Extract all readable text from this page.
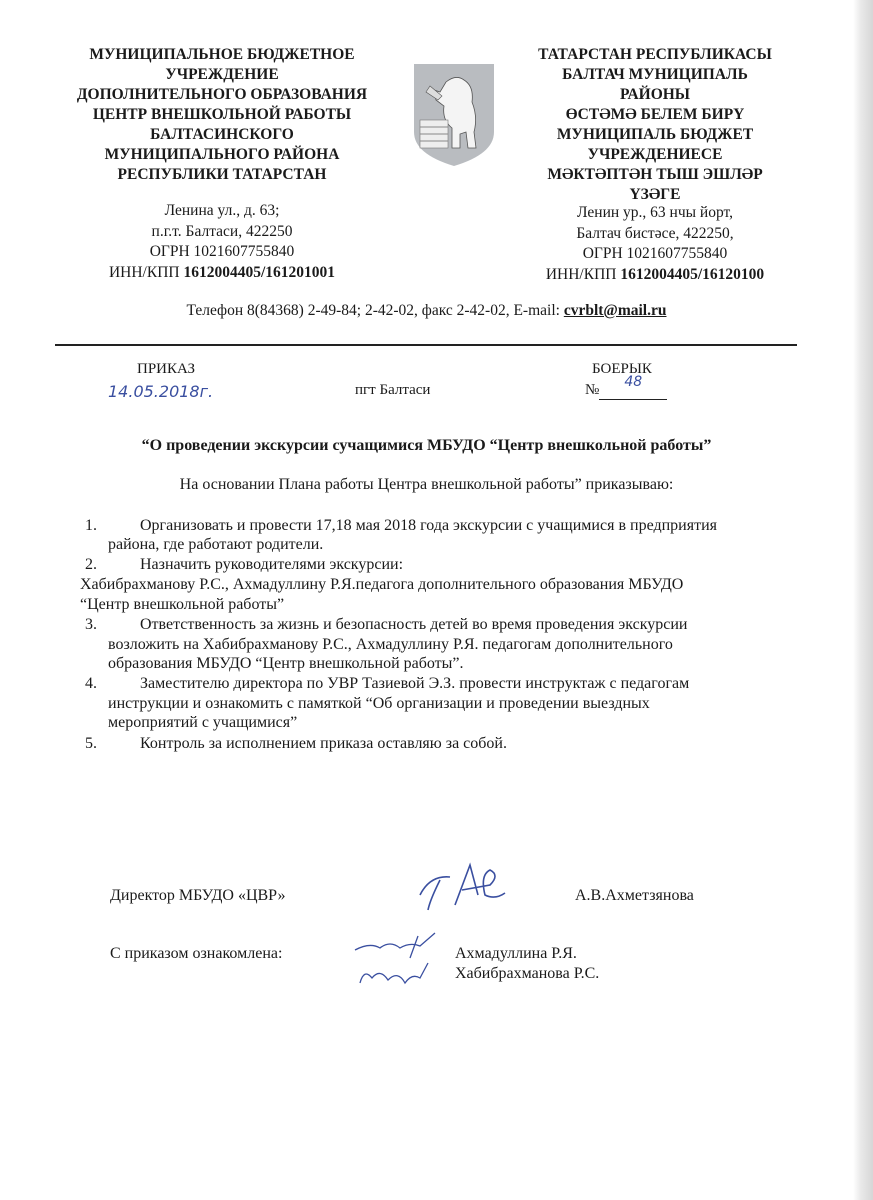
МУНИЦИПАЛЬНОЕ БЮДЖЕТНОЕ
УЧРЕЖДЕНИЕ
ДОПОЛНИТЕЛЬНОГО ОБРАЗОВАНИЯ
ЦЕНТР ВНЕШКОЛЬНОЙ РАБОТЫ
БАЛТАСИНСКОГО
МУНИЦИПАЛЬНОГО РАЙОНА
РЕСПУБЛИКИ ТАТАРСТАН
Ленина ул., д. 63;
п.г.т. Балтаси, 422250
ОГРН 1021607755840
ИНН/КПП 1612004405/161201001
ТАТАРСТАН РЕСПУБЛИКАСЫ
БАЛТАЧ МУНИЦИПАЛЬ
РАЙОНЫ
ӨСТӘМӘ БЕЛЕМ БИРҮ
МУНИЦИПАЛЬ БЮДЖЕТ
УЧРЕЖДЕНИЕСЕ
МӘКТӘПТӘН ТЫШ ЭШЛӘР
ҮЗӘГЕ
Ленин ур., 63 нчы йорт,
Балтач бистәсе, 422250,
ОГРН 1021607755840
ИНН/КПП 1612004405/16120100
Телефон 8(84368) 2-49-84; 2-42-02, факс 2-42-02, E-mail: cvrblt@mail.ru
ПРИКАЗ
14.05.2018г.	пгт Балтаси
БОЕРЫК
№ 48
“О проведении экскурсии сучащимися МБУДО “Центр внешкольной работы”
На основании Плана работы Центра внешкольной работы” приказываю:
1.	Организовать и провести 17,18 мая 2018 года экскурсии с учащимися в предприятия
района, где работают родители.
2.	Назначить руководителями экскурсии:
Хабибрахманову Р.С., Ахмадуллину Р.Я.педагога дополнительного образования МБУДО
“Центр внешкольной работы”
3.	Ответственность за жизнь и безопасность детей во время проведения экскурсии
возложить на Хабибрахманову Р.С., Ахмадуллину Р.Я. педагогам дополнительного
образования МБУДО “Центр внешкольной работы”.
4.	Заместителю директора по УВР Тазиевой Э.З. провести инструктаж с педагогам
инструкции и ознакомить с памяткой “Об организации и проведении выездных
мероприятий с учащимися”
5.	Контроль за исполнением приказа оставляю за собой.
Директор МБУДО «ЦВР»	А.В.Ахметзянова
С приказом ознакомлена:	Ахмадуллина Р.Я.
Хабибрахманова Р.С.
